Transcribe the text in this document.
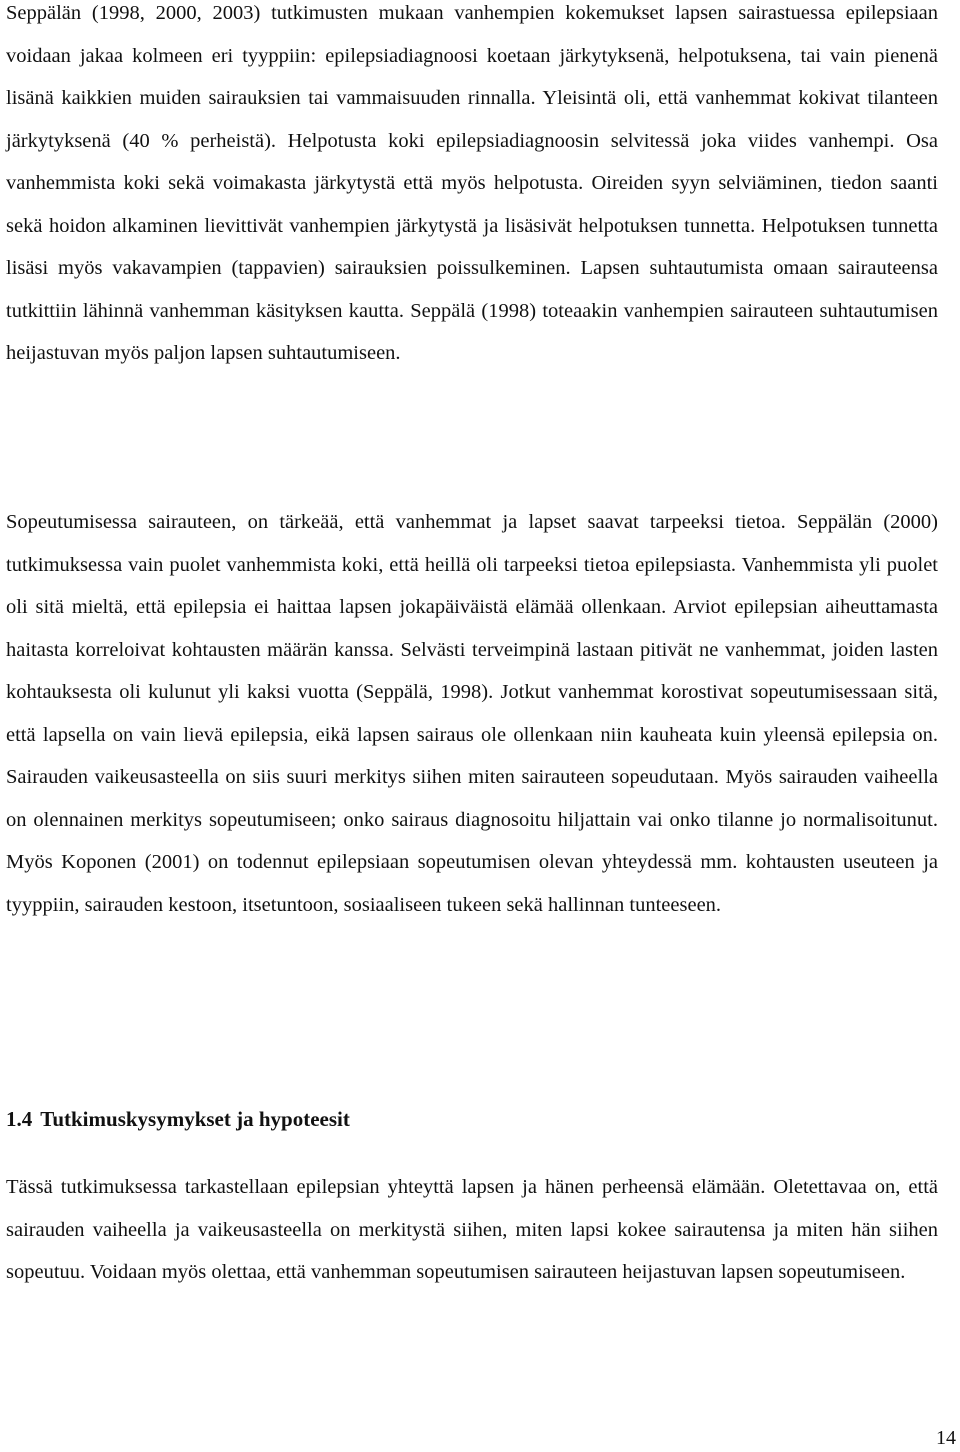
Seppälän (1998, 2000, 2003) tutkimusten mukaan vanhempien kokemukset lapsen sairastuessa epilepsiaan voidaan jakaa kolmeen eri tyyppiin: epilepsiadiagnoosi koetaan järkytyksenä, helpotuksena, tai vain pienenä lisänä kaikkien muiden sairauksien tai vammaisuuden rinnalla. Yleisintä oli, että vanhemmat kokivat tilanteen järkytyksenä (40 % perheistä). Helpotusta koki epilepsiadiagnoosin selvitessä joka viides vanhempi. Osa vanhemmista koki sekä voimakasta järkytystä että myös helpotusta. Oireiden syyn selviäminen, tiedon saanti sekä hoidon alkaminen lievittivät vanhempien järkytystä ja lisäsivät helpotuksen tunnetta. Helpotuksen tunnetta lisäsi myös vakavampien (tappavien) sairauksien poissulkeminen. Lapsen suhtautumista omaan sairauteensa tutkittiin lähinnä vanhemman käsityksen kautta. Seppälä (1998) toteaakin vanhempien sairauteen suhtautumisen heijastuvan myös paljon lapsen suhtautumiseen.

Sopeutumisessa sairauteen, on tärkeää, että vanhemmat ja lapset saavat tarpeeksi tietoa. Seppälän (2000) tutkimuksessa vain puolet vanhemmista koki, että heillä oli tarpeeksi tietoa epilepsiasta. Vanhemmista yli puolet oli sitä mieltä, että epilepsia ei haittaa lapsen jokapäiväistä elämää ollenkaan. Arviot epilepsian aiheuttamasta haitasta korreloivat kohtausten määrän kanssa. Selvästi terveimpinä lastaan pitivät ne vanhemmat, joiden lasten kohtauksesta oli kulunut yli kaksi vuotta (Seppälä, 1998). Jotkut vanhemmat korostivat sopeutumisessaan sitä, että lapsella on vain lievä epilepsia, eikä lapsen sairaus ole ollenkaan niin kauheata kuin yleensä epilepsia on. Sairauden vaikeusasteella on siis suuri merkitys siihen miten sairauteen sopeudutaan. Myös sairauden vaiheella on olennainen merkitys sopeutumiseen; onko sairaus diagnosoitu hiljattain vai onko tilanne jo normalisoitunut. Myös Koponen (2001) on todennut epilepsiaan sopeutumisen olevan yhteydessä mm. kohtausten useuteen ja tyyppiin, sairauden kestoon, itsetuntoon, sosiaaliseen tukeen sekä hallinnan tunteeseen.

1.4 Tutkimuskysymykset ja hypoteesit

Tässä tutkimuksessa tarkastellaan epilepsian yhteyttä lapsen ja hänen perheensä elämään. Oletettavaa on, että sairauden vaiheella ja vaikeusasteella on merkitystä siihen, miten lapsi kokee sairautensa ja miten hän siihen sopeutuu. Voidaan myös olettaa, että vanhemman sopeutumisen sairauteen heijastuvan lapsen sopeutumiseen.

14
